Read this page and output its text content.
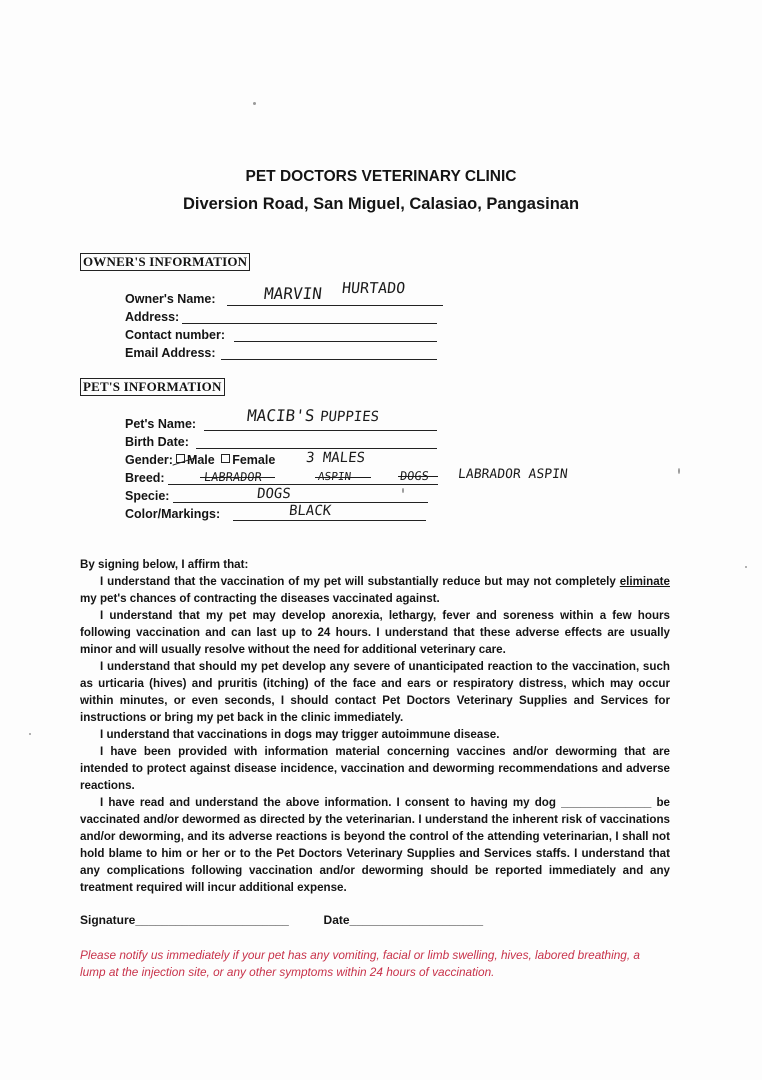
PET DOCTORS VETERINARY CLINIC
Diversion Road, San Miguel, Calasiao, Pangasinan
OWNER'S INFORMATION
Owner's Name:	MARVIN HURTADO
Address:
Contact number:
Email Address:
PET'S INFORMATION
Pet's Name:	MACIB'S PUPPIES
Birth Date:
Gender: Male Female 3 MALES
Breed:	LABRADOR	ASPIN	DOGS LABRADOR ASPIN
Specie:	DOGS
Color/Markings:	BLACK

By signing below, I affirm that:

I understand that the vaccination of my pet will substantially reduce but may not completely eliminate my pet's chances of contracting the diseases vaccinated against.

I understand that my pet may develop anorexia, lethargy, fever and soreness within a few hours following vaccination and can last up to 24 hours. I understand that these adverse effects are usually minor and will usually resolve without the need for additional veterinary care.

I understand that should my pet develop any severe of unanticipated reaction to the vaccination, such as urticaria (hives) and pruritis (itching) of the face and ears or respiratory distress, which may occur within minutes, or even seconds, I should contact Pet Doctors Veterinary Supplies and Services for instructions or bring my pet back in the clinic immediately.

I understand that vaccinations in dogs may trigger autoimmune disease.

I have been provided with information material concerning vaccines and/or deworming that are intended to protect against disease incidence, vaccination and deworming recommendations and adverse reactions.

I have read and understand the above information. I consent to having my dog ______________ be vaccinated and/or dewormed as directed by the veterinarian. I understand the inherent risk of vaccinations and/or deworming, and its adverse reactions is beyond the control of the attending veterinarian, I shall not hold blame to him or her or to the Pet Doctors Veterinary Supplies and Services staffs. I understand that any complications following vaccination and/or deworming should be reported immediately and any treatment required will incur additional expense.

Signature_______________________	Date____________________
Please notify us immediately if your pet has any vomiting, facial or limb swelling, hives, labored breathing, a lump at the injection site, or any other symptoms within 24 hours of vaccination.
